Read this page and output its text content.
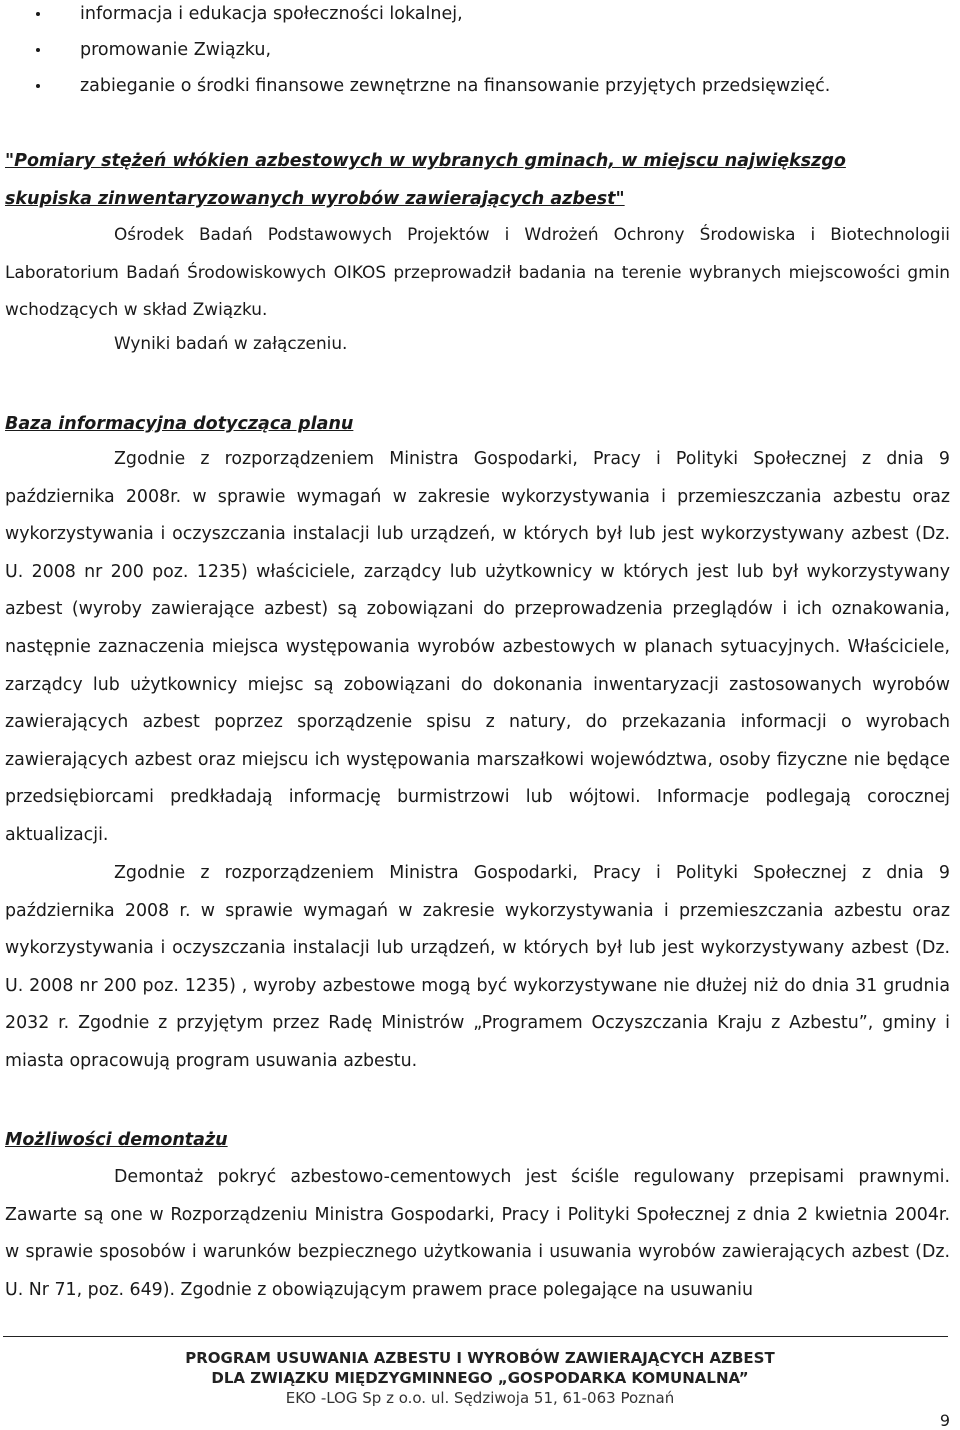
informacja i edukacja społeczności lokalnej,
promowanie Związku,
zabieganie o środki finansowe zewnętrzne na finansowanie przyjętych przedsięwzięć.
"Pomiary stężeń włókien azbestowych w wybranych gminach, w miejscu największgo
skupiska zinwentaryzowanych wyrobów zawierających azbest"

Ośrodek Badań Podstawowych Projektów i Wdrożeń Ochrony Środowiska i Biotechnologii Laboratorium Badań Środowiskowych OIKOS przeprowadził badania na terenie wybranych miejscowości gmin wchodzących w skład Związku.

Wyniki badań w załączeniu.

Baza informacyjna dotycząca planu

Zgodnie z rozporządzeniem Ministra Gospodarki, Pracy i Polityki Społecznej z dnia 9 października 2008r. w sprawie wymagań w zakresie wykorzystywania i przemieszczania azbestu oraz wykorzystywania i oczyszczania instalacji lub urządzeń, w których był lub jest wykorzystywany azbest (Dz. U. 2008 nr 200 poz. 1235) właściciele, zarządcy lub użytkownicy w których jest lub był wykorzystywany azbest (wyroby zawierające azbest) są zobowiązani do przeprowadzenia przeglądów i ich oznakowania, następnie zaznaczenia miejsca występowania wyrobów azbestowych w planach sytuacyjnych. Właściciele, zarządcy lub użytkownicy miejsc są zobowiązani do dokonania inwentaryzacji zastosowanych wyrobów zawierających azbest poprzez sporządzenie spisu z natury, do przekazania informacji o wyrobach zawierających azbest oraz miejscu ich występowania marszałkowi województwa, osoby fizyczne nie będące przedsiębiorcami predkładają informację burmistrzowi lub wójtowi. Informacje podlegają corocznej aktualizacji.

Zgodnie z rozporządzeniem Ministra Gospodarki, Pracy i Polityki Społecznej z dnia 9 października 2008 r. w sprawie wymagań w zakresie wykorzystywania i przemieszczania azbestu oraz wykorzystywania i oczyszczania instalacji lub urządzeń, w których był lub jest wykorzystywany azbest (Dz. U. 2008 nr 200 poz. 1235) , wyroby azbestowe mogą być wykorzystywane nie dłużej niż do dnia 31 grudnia 2032 r. Zgodnie z przyjętym przez Radę Ministrów „Programem Oczyszczania Kraju z Azbestu”, gminy i miasta opracowują program usuwania azbestu.

Możliwości demontażu

Demontaż pokryć azbestowo-cementowych jest ściśle regulowany przepisami prawnymi. Zawarte są one w Rozporządzeniu Ministra Gospodarki, Pracy i Polityki Społecznej z dnia 2 kwietnia 2004r. w sprawie sposobów i warunków bezpiecznego użytkowania i usuwania wyrobów zawierających azbest (Dz. U. Nr 71, poz. 649). Zgodnie z obowiązującym prawem prace polegające na usuwaniu

PROGRAM USUWANIA AZBESTU I WYROBÓW ZAWIERAJĄCYCH AZBEST
DLA ZWIĄZKU MIĘDZYGMINNEGO „GOSPODARKA KOMUNALNA”
EKO -LOG Sp z o.o. ul. Sędziwoja 51, 61-063 Poznań
9
